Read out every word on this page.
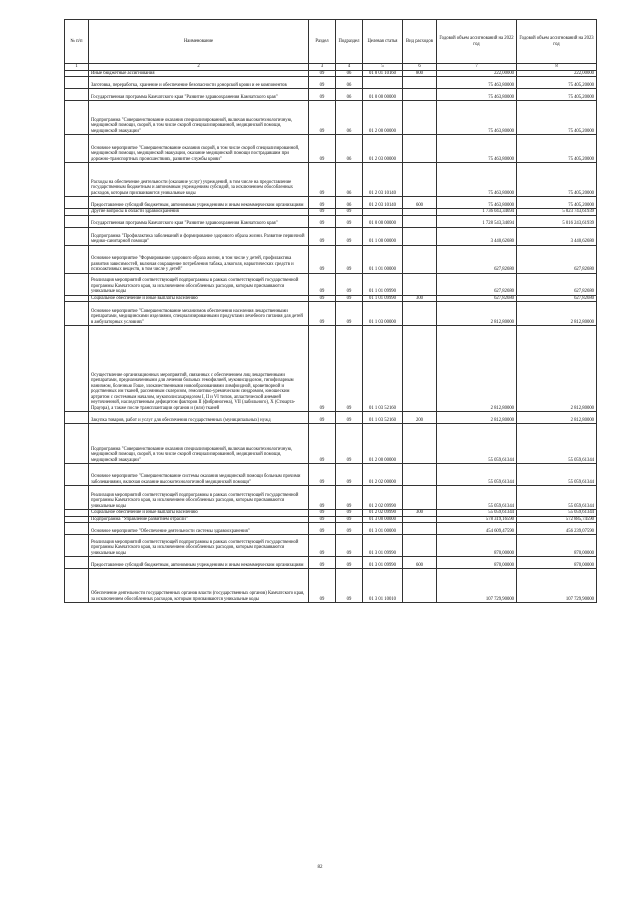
№ п/п	Наименование	Раздел	Подраздел	Целевая статья	Вид расходов	Годовой объем ассигнований на 2022 год	Годовой объем ассигнований на 2023 год
1	2	3	4	5	6	7	8
	Иные бюджетные ассигнования	09	06	01 8 01 10160	800	222,00000	222,00000
	Заготовка, переработка, хранение и обеспечение безопасности донорской крови и ее компонентов	09	06			75 463,80000	75 405,20000
	Государственная программа Камчатского края "Развитие здравоохранения Камчатского края"	09	06	01 0 00 00000		75 463,80000	75 405,20000
	Подпрограмма "Совершенствование оказания специализированной, включая высокотехнологичную, медицинской помощи, скорой, в том числе скорой специализированной, медицинской помощи, медицинской эвакуации"	09	06	01 2 00 00000		75 463,80000	75 405,20000
	Основное мероприятие "Совершенствование оказания скорой, в том числе скорой специализированной, медицинской помощи, медицинской эвакуации, оказание медицинской помощи пострадавшим при дорожно-транспортных происшествиях, развитие службы крови"	09	06	01 2 03 00000		75 463,80000	75 405,20000
	Расходы на обеспечение деятельности (оказание услуг) учреждений, в том числе на предоставление государственным бюджетным и автономным учреждениям субсидий, за исключением обособленных расходов, которым присваиваются уникальные коды	09	06	01 2 03 10140		75 463,80000	75 405,20000
	Предоставление субсидий бюджетным, автономным учреждениям и иным некоммерческим организациям	09	06	01 2 03 10140	600	75 463,80000	75 405,20000
	Другие вопросы в области здравоохранения	09	09			1 736 043,34694	5 023 743,61939
	Государственная программа Камчатского края "Развитие здравоохранения Камчатского края"	09	09	01 0 00 00000		1 728 543,34694	5 016 243,61939
	Подпрограмма "Профилактика заболеваний и формирование здорового образа жизни. Развитие первичной медико-санитарной помощи"	09	09	01 1 00 00000		3 440,62680	3 440,62680
	Основное мероприятие "Формирование здорового образа жизни, в том числе у детей, профилактика развития зависимостей, включая сокращение потребления табака, алкоголя, наркотических средств и психоактивных веществ, в том числе у детей"	09	09	01 1 01 00000		627,82680	627,82680
	Реализация мероприятий соответствующей подпрограммы в рамках соответствующей государственной программы Камчатского края, за исключением обособленных расходов, которым присваиваются уникальные коды	09	09	01 1 01 09990		627,82680	627,82680
	Социальное обеспечение и иные выплаты населению	09	09	01 1 01 09990	300	627,82680	627,82680
	Основное мероприятие "Совершенствование механизмов обеспечения населения лекарственными препаратами, медицинскими изделиями, специализированными продуктами лечебного питания для детей в амбулаторных условиях"	09	09	01 1 03 00000		2 812,80000	2 812,80000
	Осуществление организационных мероприятий, связанных с обеспечением лиц лекарственными препаратами, предназначенными для лечения больных гемофилией, муковисцидозом, гипофизарным нанизмом, болезнью Гоше, злокачественными новообразованиями лимфоидной, кроветворной и родственных им тканей, рассеянным склерозом, гемолитико-уремическим синдромом, юношеским артритом с системным началом, мукополисахаридозом I, II и VI типов, апластической анемией неуточненной, наследственным дефицитом факторов II (фибриногена), VII (лабильного), X (Стюарта-Прауэра), а также после трансплантации органов и (или) тканей	09	09	01 1 03 52160		2 812,80000	2 812,80000
	Закупка товаров, работ и услуг для обеспечения государственных (муниципальных) нужд	09	09	01 1 03 52160	200	2 812,80000	2 812,80000
	Подпрограмма "Совершенствование оказания специализированной, включая высокотехнологичную, медицинской помощи, скорой, в том числе скорой специализированной, медицинской помощи, медицинской эвакуации"	09	09	01 2 00 00000		55 059,61344	55 059,61344
	Основное мероприятие "Совершенствование системы оказания медицинской помощи больным прочими заболеваниями, включая оказание высокотехнологичной медицинской помощи"	09	09	01 2 02 00000		55 059,61344	55 059,61344
	Реализация мероприятий соответствующей подпрограммы в рамках соответствующей государственной программы Камчатского края, за исключением обособленных расходов, которым присваиваются уникальные коды	09	09	01 2 02 09990		55 059,61344	55 059,61344
	Социальное обеспечение и иные выплаты населению	09	09	01 2 02 09990	300	55 059,61344	55 059,61344
	Подпрограмма "Управление развитием отрасли"	09	09	01 3 00 00000		578 319,16590	572 885,74590
	Основное мероприятие "Обеспечение деятельности системы здравоохранения"	09	09	01 3 01 00000		454 609,47590	456 239,07590
	Реализация мероприятий соответствующей подпрограммы в рамках соответствующей государственной программы Камчатского края, за исключением обособленных расходов, которым присваиваются уникальные коды	09	09	01 3 01 09990		870,00000	870,00000
	Предоставление субсидий бюджетным, автономным учреждениям и иным некоммерческим организациям	09	09	01 3 01 09990	600	870,00000	870,00000
	Обеспечение деятельности государственных органов власти (государственных органов) Камчатского края, за исключением обособленных расходов, которым присваиваются уникальные коды	09	09	01 3 01 10010		107 729,90000	107 729,90000
82
